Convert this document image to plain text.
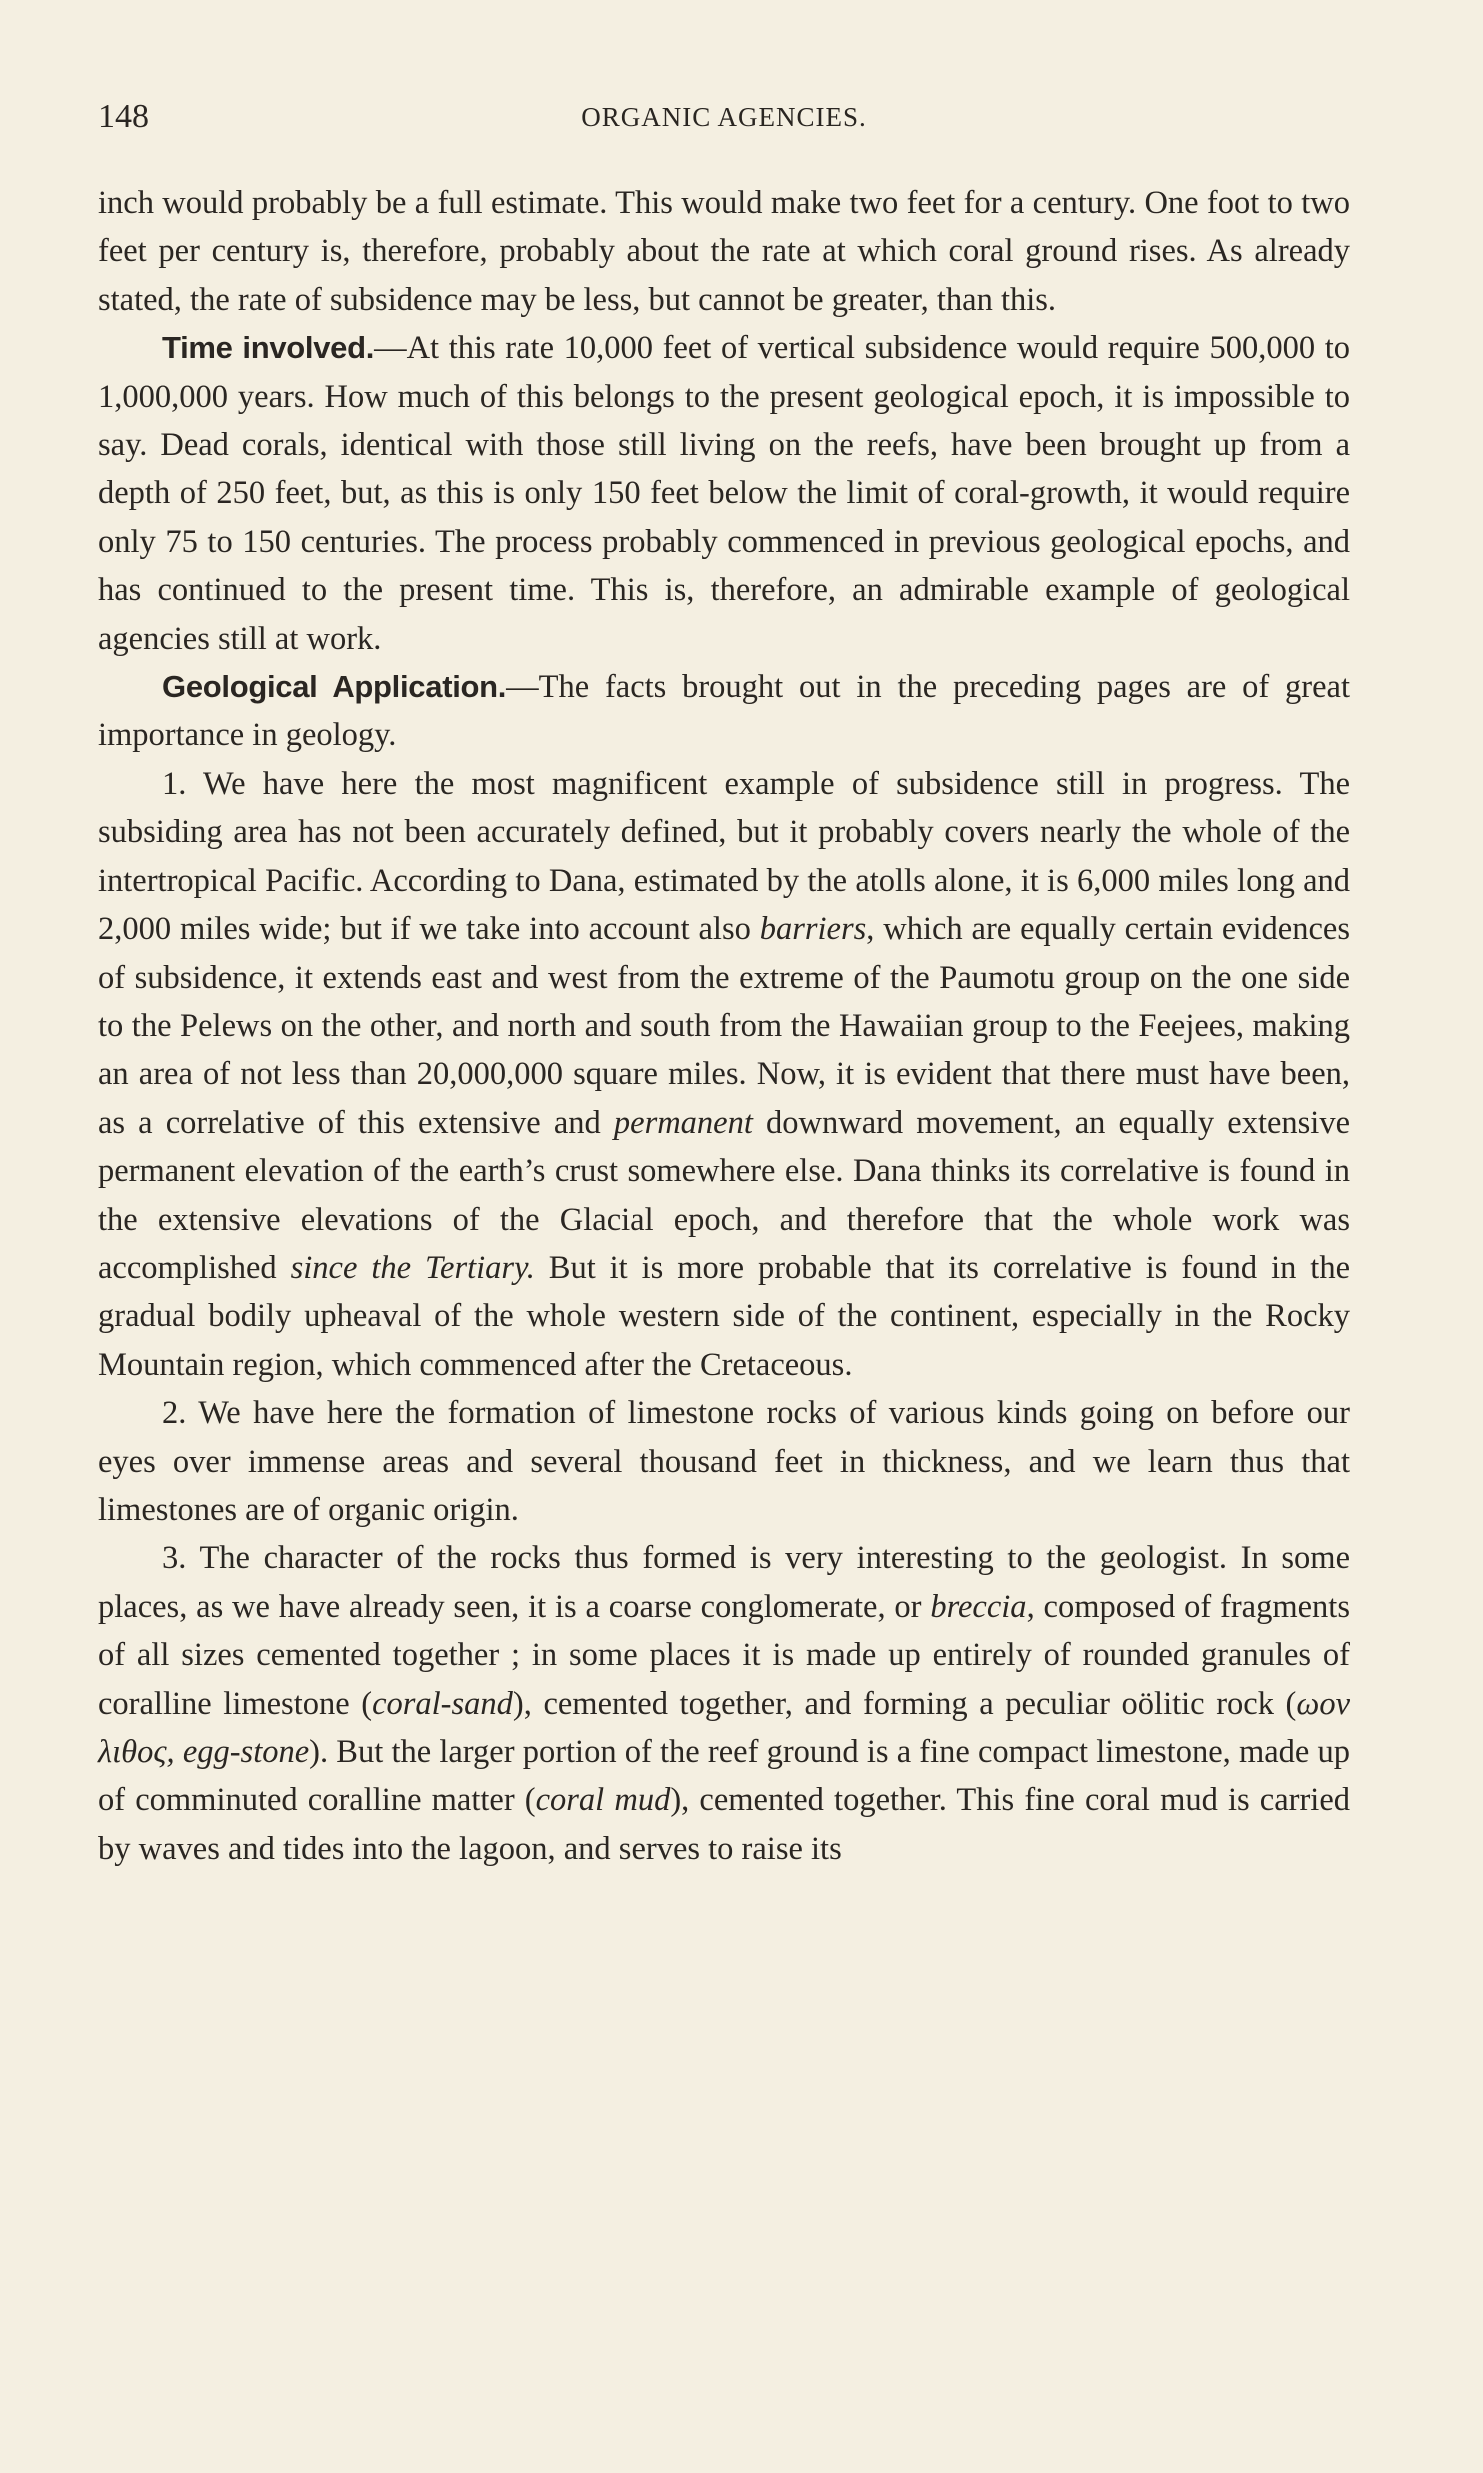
148	ORGANIC AGENCIES.

inch would probably be a full estimate. This would make two feet for a century. One foot to two feet per century is, therefore, probably about the rate at which coral ground rises. As already stated, the rate of subsidence may be less, but cannot be greater, than this.

Time involved.—At this rate 10,000 feet of vertical subsidence would require 500,000 to 1,000,000 years. How much of this belongs to the present geological epoch, it is impossible to say. Dead corals, identical with those still living on the reefs, have been brought up from a depth of 250 feet, but, as this is only 150 feet below the limit of coral-growth, it would require only 75 to 150 centuries. The process probably commenced in previous geological epochs, and has continued to the present time. This is, therefore, an admirable example of geological agencies still at work.

Geological Application.—The facts brought out in the preceding pages are of great importance in geology.

1. We have here the most magnificent example of subsidence still in progress. The subsiding area has not been accurately defined, but it probably covers nearly the whole of the intertropical Pacific. According to Dana, estimated by the atolls alone, it is 6,000 miles long and 2,000 miles wide; but if we take into account also barriers, which are equally certain evidences of subsidence, it extends east and west from the extreme of the Paumotu group on the one side to the Pelews on the other, and north and south from the Hawaiian group to the Feejees, making an area of not less than 20,000,000 square miles. Now, it is evident that there must have been, as a correlative of this extensive and permanent downward movement, an equally extensive permanent elevation of the earth’s crust somewhere else. Dana thinks its correlative is found in the extensive elevations of the Glacial epoch, and therefore that the whole work was accomplished since the Tertiary. But it is more probable that its correlative is found in the gradual bodily upheaval of the whole western side of the continent, especially in the Rocky Mountain region, which commenced after the Cretaceous.

2. We have here the formation of limestone rocks of various kinds going on before our eyes over immense areas and several thousand feet in thickness, and we learn thus that limestones are of organic origin.

3. The character of the rocks thus formed is very interesting to the geologist. In some places, as we have already seen, it is a coarse conglomerate, or breccia, composed of fragments of all sizes cemented together ; in some places it is made up entirely of rounded granules of coralline limestone (coral-sand), cemented together, and forming a peculiar oölitic rock (ωον λιθος, egg-stone). But the larger portion of the reef ground is a fine compact limestone, made up of comminuted coralline matter (coral mud), cemented together. This fine coral mud is carried by waves and tides into the lagoon, and serves to raise its
